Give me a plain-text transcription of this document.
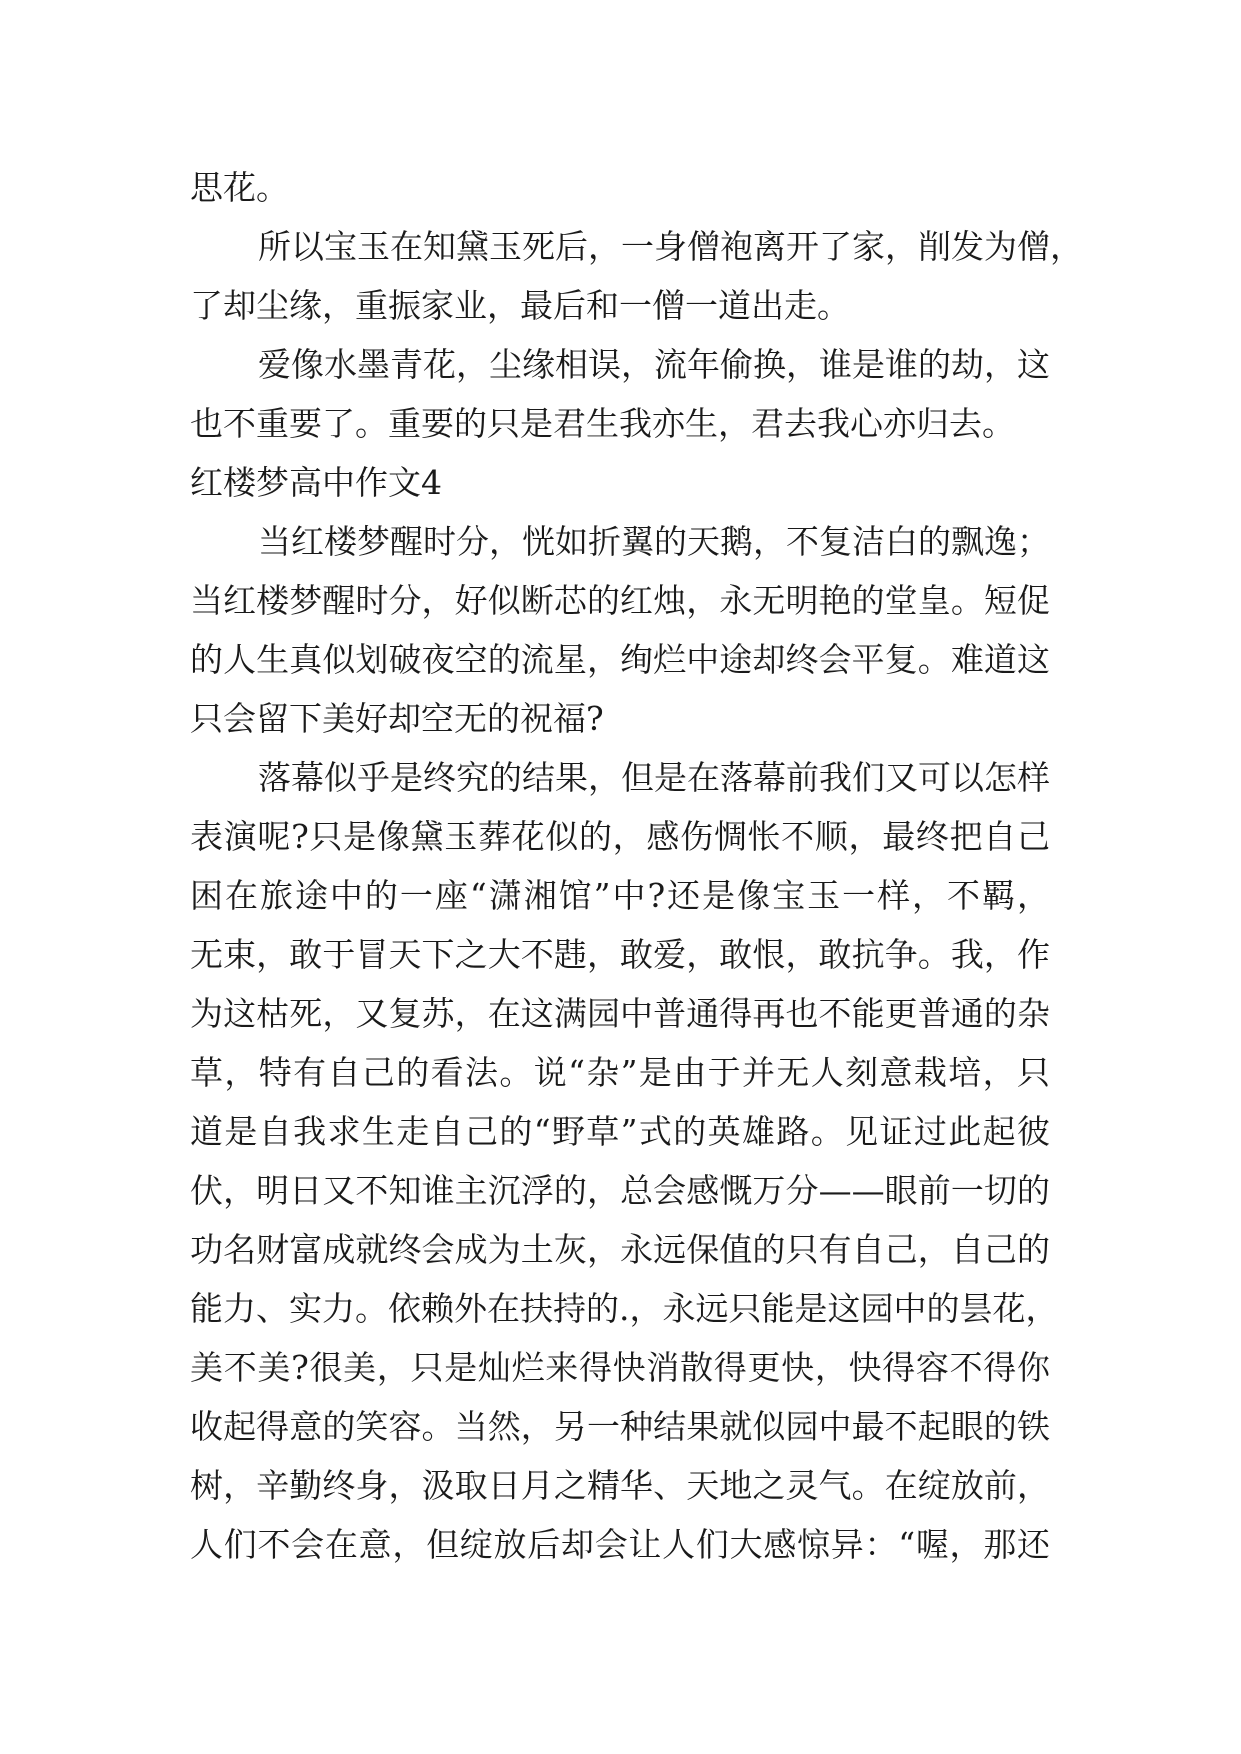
思花。
所以宝玉在知黛玉死后，一身僧袍离开了家，削发为僧，
了却尘缘，重振家业，最后和一僧一道出走。
爱像水墨青花，尘缘相误，流年偷换，谁是谁的劫，这
也不重要了。重要的只是君生我亦生，君去我心亦归去。
红楼梦高中作文4
当红楼梦醒时分，恍如折翼的天鹅，不复洁白的飘逸；
当红楼梦醒时分，好似断芯的红烛，永无明艳的堂皇。短促
的人生真似划破夜空的流星，绚烂中途却终会平复。难道这
只会留下美好却空无的祝福?
落幕似乎是终究的结果，但是在落幕前我们又可以怎样
表演呢?只是像黛玉葬花似的，感伤惆怅不顺，最终把自己
困在旅途中的一座“潇湘馆”中?还是像宝玉一样，不羁，
无束，敢于冒天下之大不韪，敢爱，敢恨，敢抗争。我，作
为这枯死，又复苏，在这满园中普通得再也不能更普通的杂
草，特有自己的看法。说“杂”是由于并无人刻意栽培，只
道是自我求生走自己的“野草”式的英雄路。见证过此起彼
伏，明日又不知谁主沉浮的，总会感慨万分——眼前一切的
功名财富成就终会成为土灰，永远保值的只有自己，自己的
能力、实力。依赖外在扶持的.，永远只能是这园中的昙花，
美不美?很美，只是灿烂来得快消散得更快，快得容不得你
收起得意的笑容。当然，另一种结果就似园中最不起眼的铁
树，辛勤终身，汲取日月之精华、天地之灵气。在绽放前，
人们不会在意，但绽放后却会让人们大感惊异：“喔，那还
